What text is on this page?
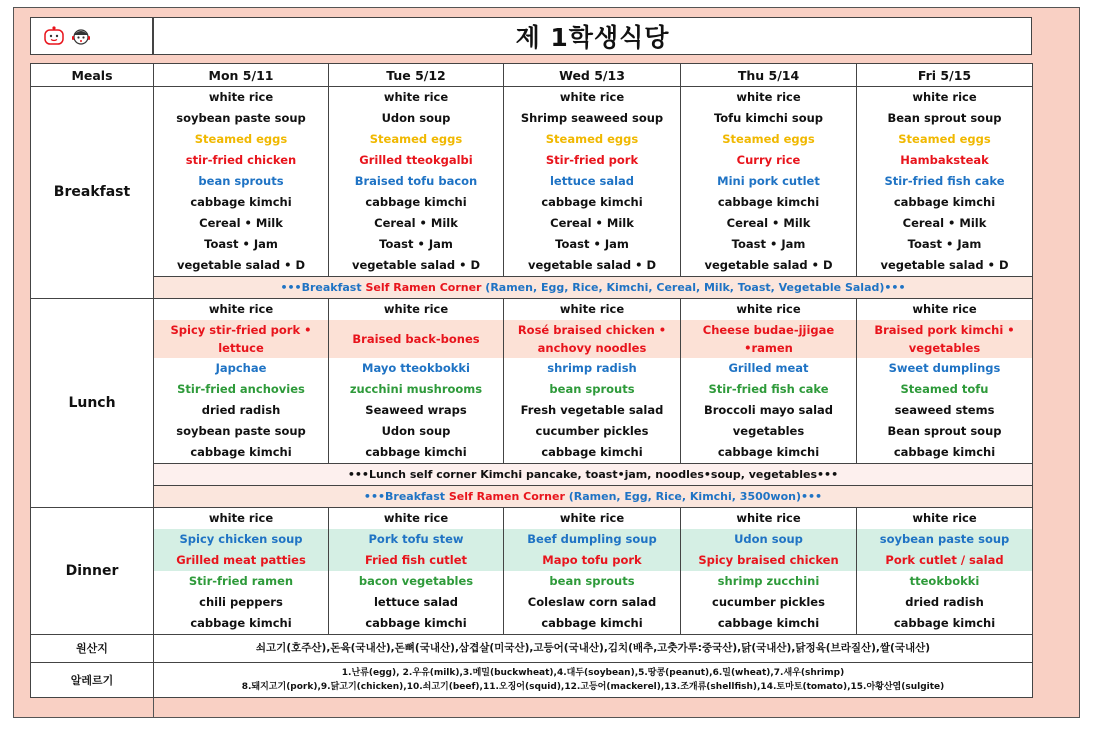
제 1학생식당
Meals	Mon 5/11	Tue 5/12	Wed 5/13	Thu 5/14	Fri 5/15
Breakfast	white rice	white rice	white rice	white rice	white rice
	soybean paste soup	Udon soup	Shrimp seaweed soup	Tofu kimchi soup	Bean sprout soup
	Steamed eggs	Steamed eggs	Steamed eggs	Steamed eggs	Steamed eggs
	stir-fried chicken	Grilled tteokgalbi	Stir-fried pork	Curry rice	Hambaksteak
	bean sprouts	Braised tofu bacon	lettuce salad	Mini pork cutlet	Stir-fried fish cake
	cabbage kimchi	cabbage kimchi	cabbage kimchi	cabbage kimchi	cabbage kimchi
	Cereal • Milk	Cereal • Milk	Cereal • Milk	Cereal • Milk	Cereal • Milk
	Toast • Jam	Toast • Jam	Toast • Jam	Toast • Jam	Toast • Jam
	vegetable salad • D	vegetable salad • D	vegetable salad • D	vegetable salad • D	vegetable salad • D
	•••Breakfast Self Ramen Corner (Ramen, Egg, Rice, Kimchi, Cereal, Milk, Toast, Vegetable Salad)•••				
Lunch	white rice	white rice	white rice	white rice	white rice
	Spicy stir-fried pork • lettuce	Braised back-bones	Rosé braised chicken • anchovy noodles	Cheese budae-jjigae •ramen	Braised pork kimchi • vegetables
	Japchae	Mayo tteokbokki	shrimp radish	Grilled meat	Sweet dumplings
	Stir-fried anchovies	zucchini mushrooms	bean sprouts	Stir-fried fish cake	Steamed tofu
	dried radish	Seaweed wraps	Fresh vegetable salad	Broccoli mayo salad	seaweed stems
	soybean paste soup	Udon soup	cucumber pickles	vegetables	Bean sprout soup
	cabbage kimchi	cabbage kimchi	cabbage kimchi	cabbage kimchi	cabbage kimchi
	•••Lunch self corner Kimchi pancake, toast•jam, noodles•soup, vegetables•••				
	•••Breakfast Self Ramen Corner (Ramen, Egg, Rice, Kimchi, 3500won)•••				
Dinner	white rice	white rice	white rice	white rice	white rice
	Spicy chicken soup	Pork tofu stew	Beef dumpling soup	Udon soup	soybean paste soup
	Grilled meat patties	Fried fish cutlet	Mapo tofu pork	Spicy braised chicken	Pork cutlet / salad
	Stir-fried ramen	bacon vegetables	bean sprouts	shrimp zucchini	tteokbokki
	chili peppers	lettuce salad	Coleslaw corn salad	cucumber pickles	dried radish
	cabbage kimchi	cabbage kimchi	cabbage kimchi	cabbage kimchi	cabbage kimchi
원산지	쇠고기(호주산),돈육(국내산),돈뼈(국내산),삼겹살(미국산),고등어(국내산),김치(배추,고춧가루:중국산),닭(국내산),닭정육(브라질산),쌀(국내산)				
알레르기	1.난류(egg), 2.우유(milk),3.메밀(buckwheat),4.대두(soybean),5.땅콩(peanut),6.밀(wheat),7.새우(shrimp)
8.돼지고기(pork),9.닭고기(chicken),10.쇠고기(beef),11.오징어(squid),12.고등어(mackerel),13.조개류(shellfish),14.토마토(tomato),15.아황산염(sulgite)				
